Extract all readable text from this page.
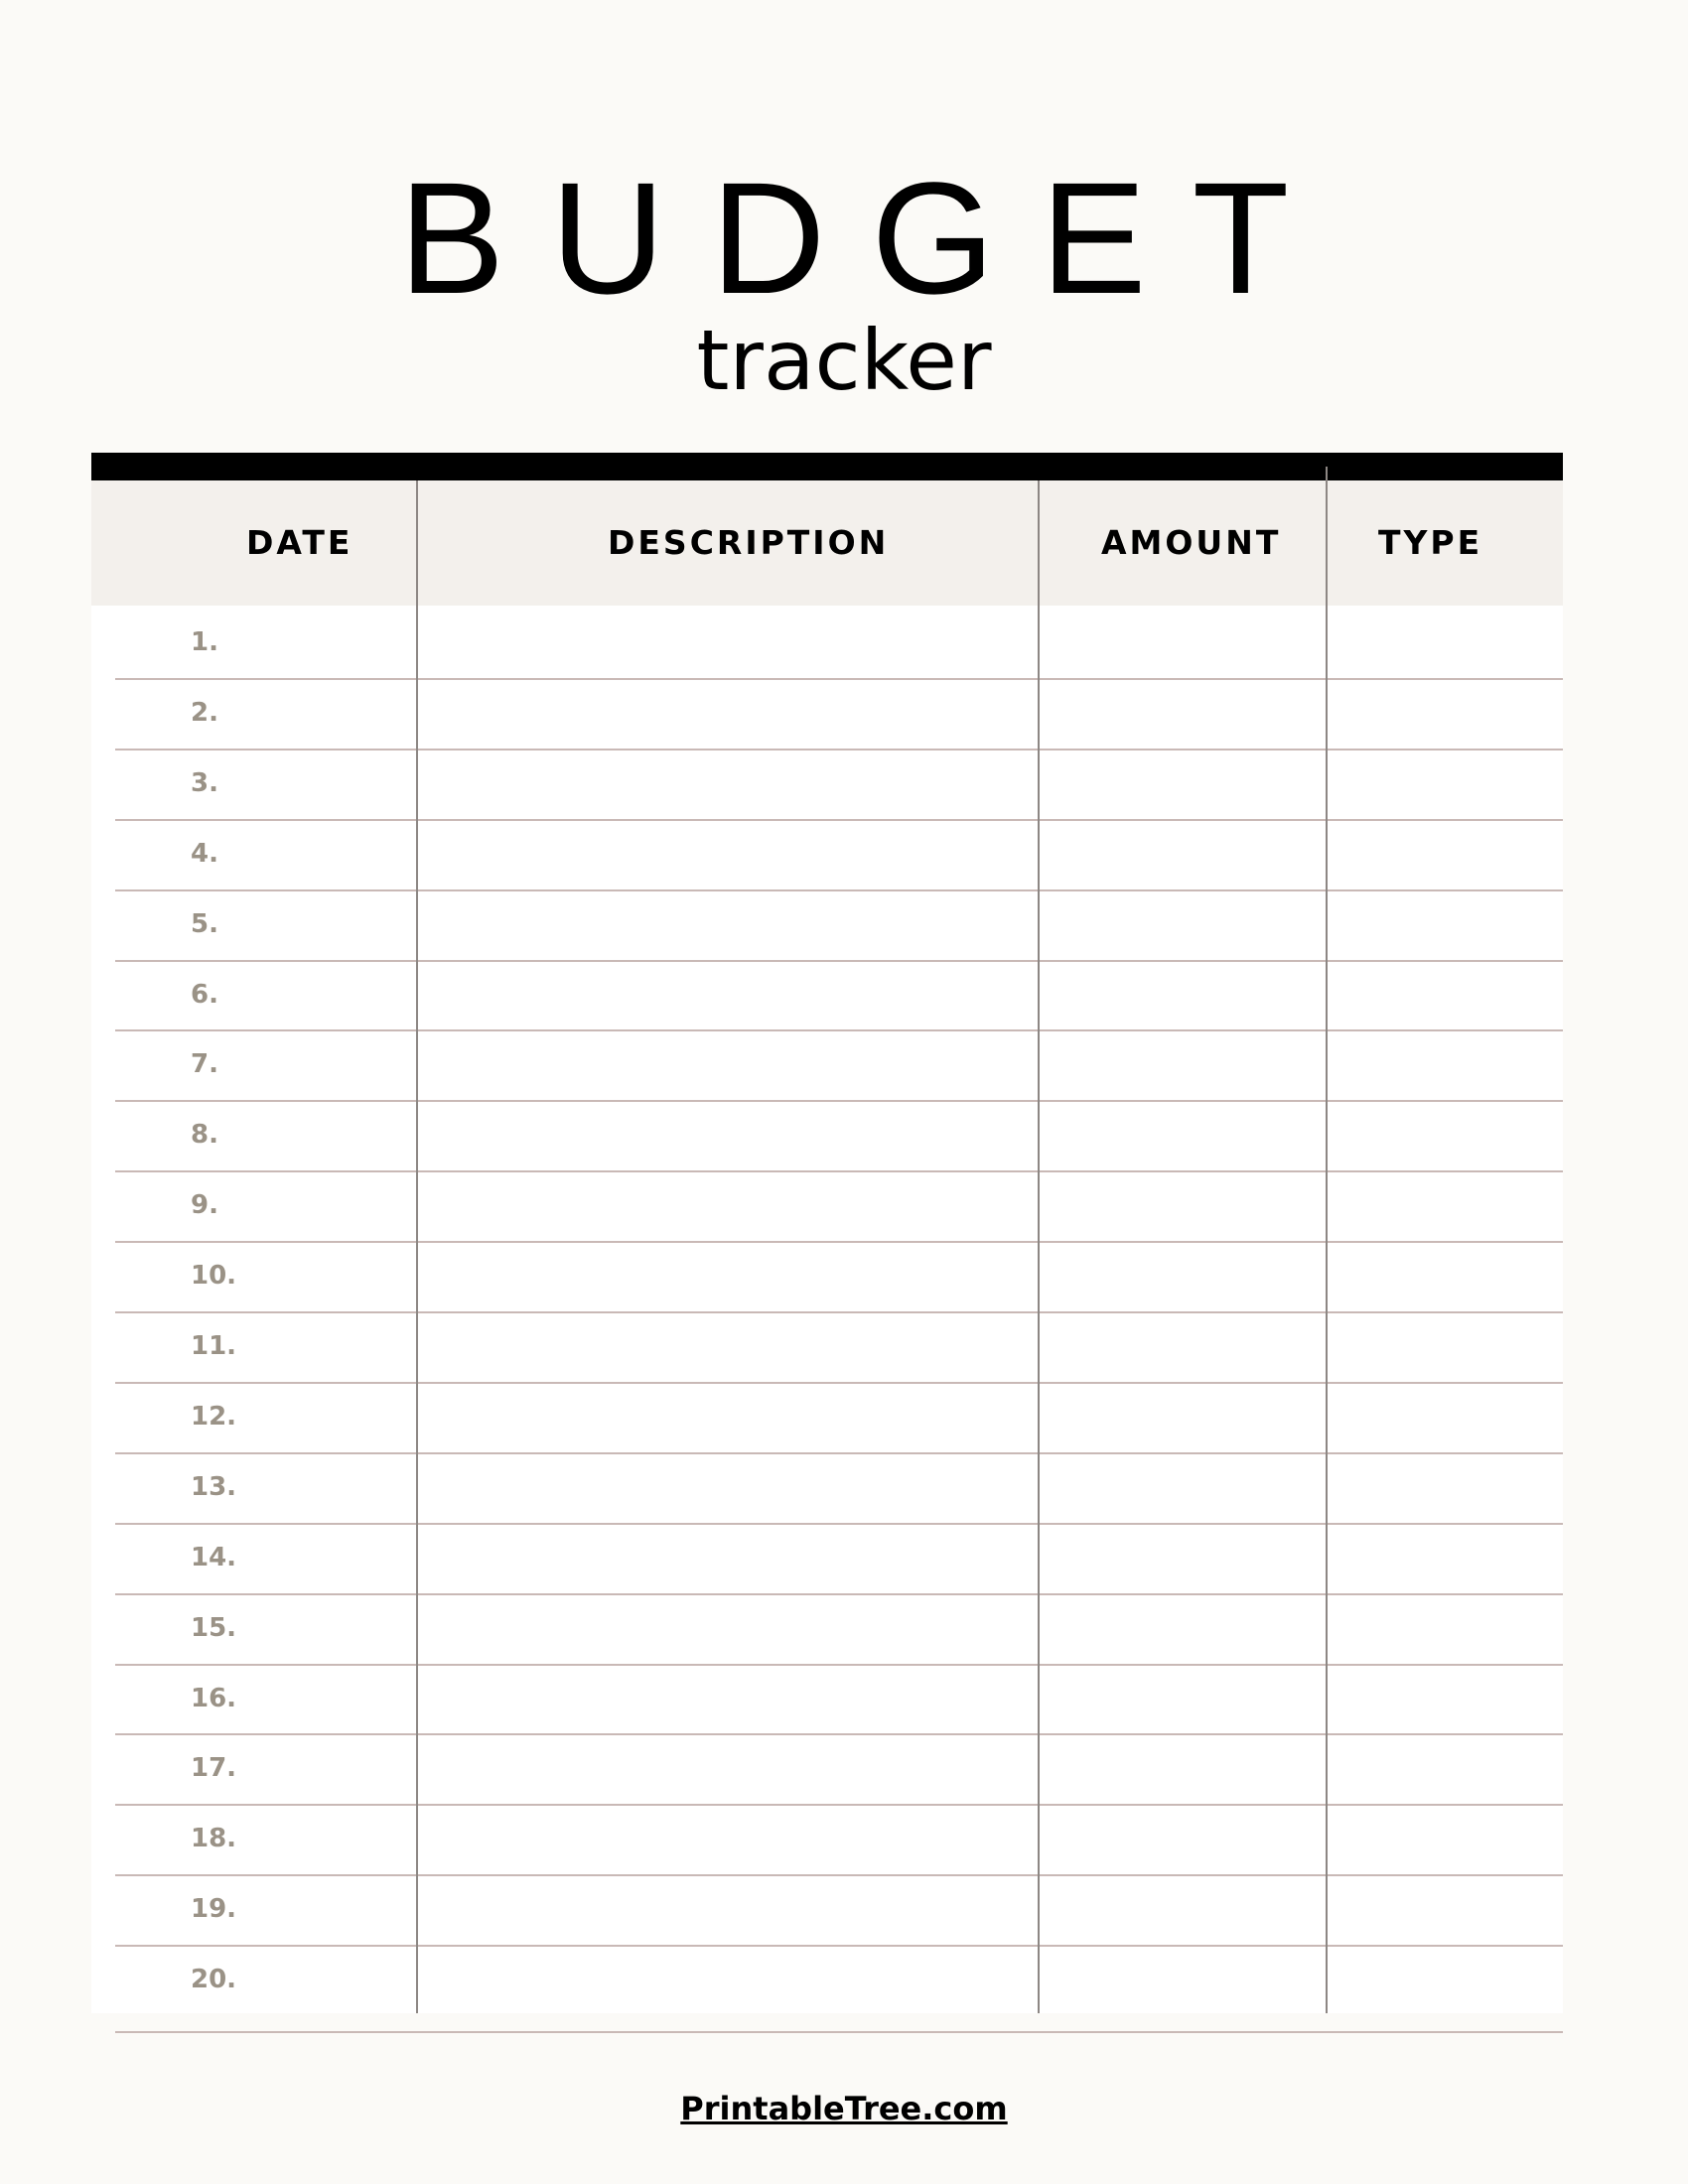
BUDGET
tracker
DATE	DESCRIPTION	AMOUNT	TYPE
1.
2.
3.
4.
5.
6.
7.
8.
9.
10.
11.
12.
13.
14.
15.
16.
17.
18.
19.
20.
PrintableTree.com
